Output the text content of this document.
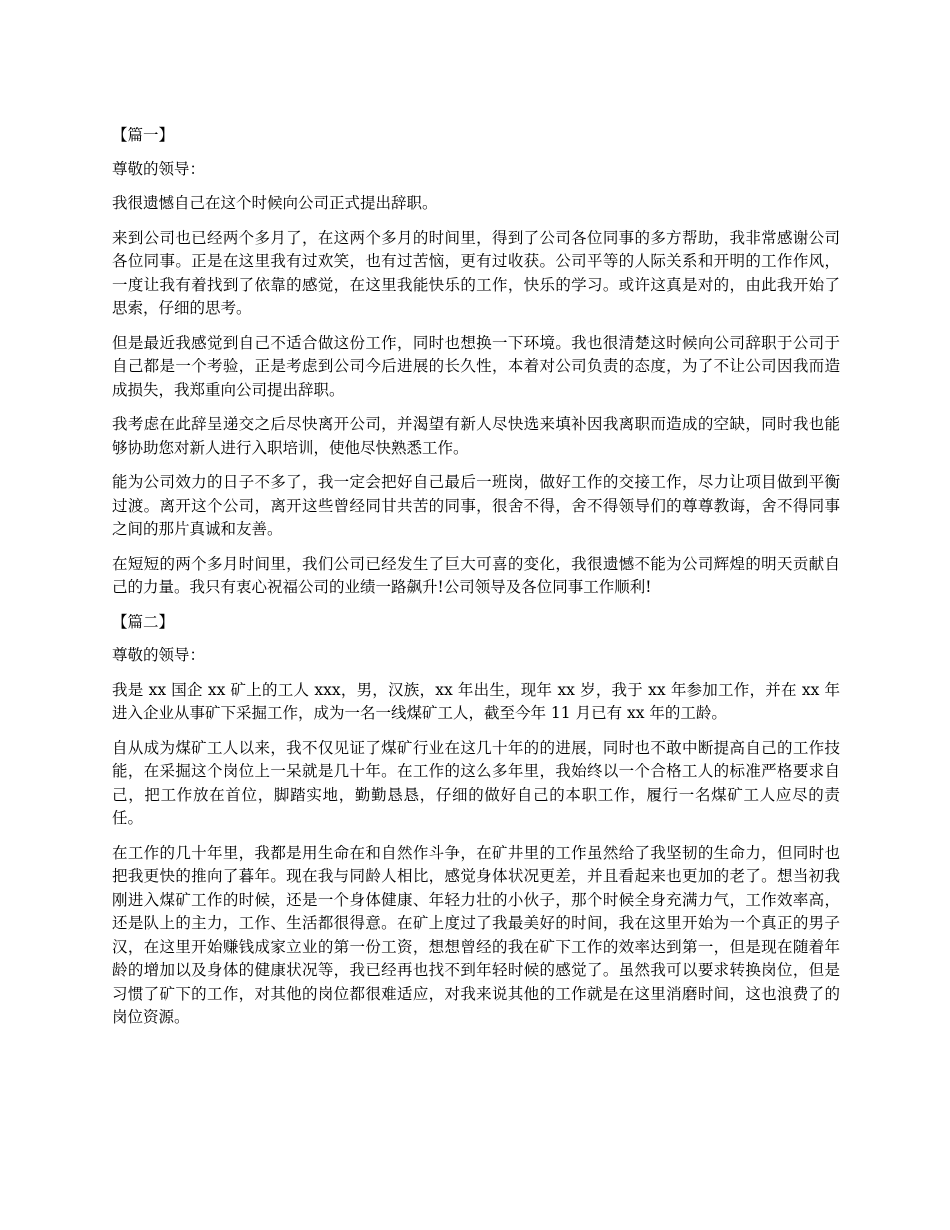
【篇一】

尊敬的领导：

我很遗憾自己在这个时候向公司正式提出辞职。

来到公司也已经两个多月了，在这两个多月的时间里，得到了公司各位同事的多方帮助，我非常感谢公司各位同事。正是在这里我有过欢笑，也有过苦恼，更有过收获。公司平等的人际关系和开明的工作作风，一度让我有着找到了依靠的感觉，在这里我能快乐的工作，快乐的学习。或许这真是对的，由此我开始了思索，仔细的思考。

但是最近我感觉到自己不适合做这份工作，同时也想换一下环境。我也很清楚这时候向公司辞职于公司于自己都是一个考验，正是考虑到公司今后进展的长久性，本着对公司负责的态度，为了不让公司因我而造成损失，我郑重向公司提出辞职。

我考虑在此辞呈递交之后尽快离开公司，并渴望有新人尽快选来填补因我离职而造成的空缺，同时我也能够协助您对新人进行入职培训，使他尽快熟悉工作。

能为公司效力的日子不多了，我一定会把好自己最后一班岗，做好工作的交接工作，尽力让项目做到平衡过渡。离开这个公司，离开这些曾经同甘共苦的同事，很舍不得，舍不得领导们的尊尊教诲，舍不得同事之间的那片真诚和友善。

在短短的两个多月时间里，我们公司已经发生了巨大可喜的变化，我很遗憾不能为公司辉煌的明天贡献自己的力量。我只有衷心祝福公司的业绩一路飙升!公司领导及各位同事工作顺利!

【篇二】

尊敬的领导：

我是 xx 国企 xx 矿上的工人 xxx，男，汉族，xx 年出生，现年 xx 岁，我于 xx 年参加工作，并在 xx 年进入企业从事矿下采掘工作，成为一名一线煤矿工人，截至今年 11 月已有 xx 年的工龄。

自从成为煤矿工人以来，我不仅见证了煤矿行业在这几十年的的进展，同时也不敢中断提高自己的工作技能，在采掘这个岗位上一呆就是几十年。在工作的这么多年里，我始终以一个合格工人的标准严格要求自己，把工作放在首位，脚踏实地，勤勤恳恳，仔细的做好自己的本职工作，履行一名煤矿工人应尽的责任。

在工作的几十年里，我都是用生命在和自然作斗争，在矿井里的工作虽然给了我坚韧的生命力，但同时也把我更快的推向了暮年。现在我与同龄人相比，感觉身体状况更差，并且看起来也更加的老了。想当初我刚进入煤矿工作的时候，还是一个身体健康、年轻力壮的小伙子，那个时候全身充满力气，工作效率高，还是队上的主力，工作、生活都很得意。在矿上度过了我最美好的时间，我在这里开始为一个真正的男子汉，在这里开始赚钱成家立业的第一份工资，想想曾经的我在矿下工作的效率达到第一，但是现在随着年龄的增加以及身体的健康状况等，我已经再也找不到年轻时候的感觉了。虽然我可以要求转换岗位，但是习惯了矿下的工作，对其他的岗位都很难适应，对我来说其他的工作就是在这里消磨时间，这也浪费了的岗位资源。
